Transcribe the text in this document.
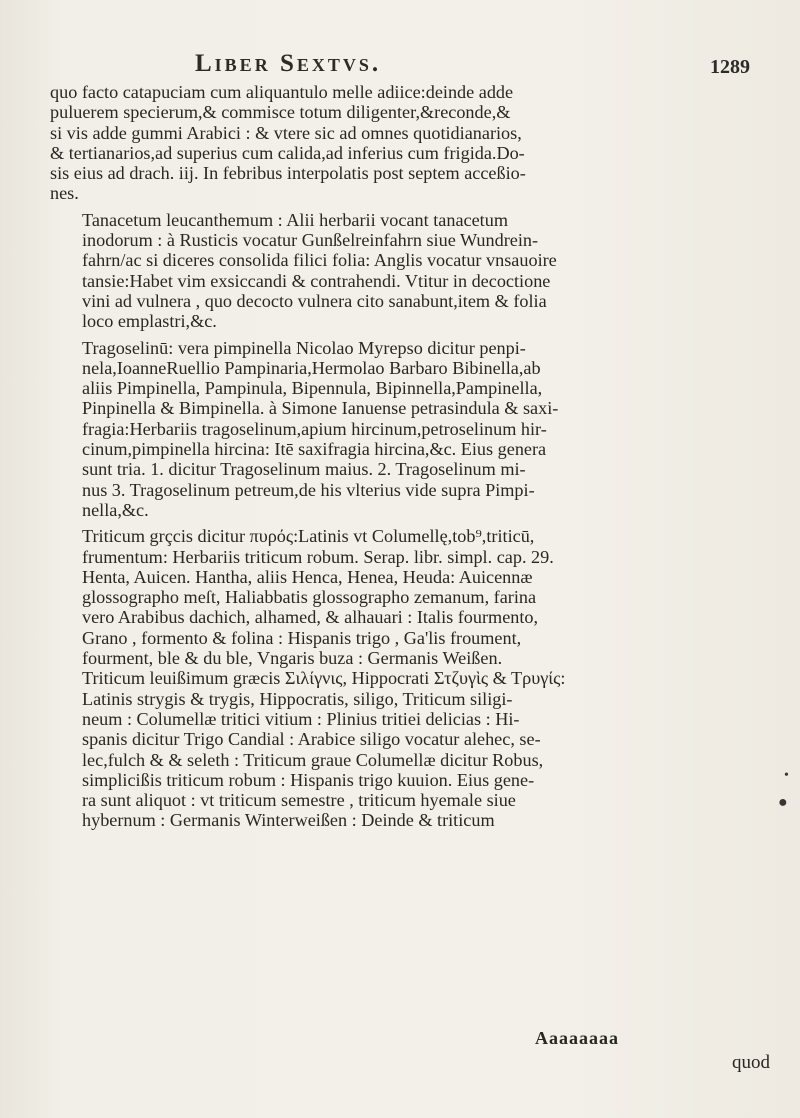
Liber Sextvs.	1289
quo facto catapuciam cum aliquantulo melle adiice:deinde adde
puluerem specierum,& commisce totum diligenter,&reconde,&
si vis adde gummi Arabici : & vtere sic ad omnes quotidianarios,
& tertianarios,ad superius cum calida,ad inferius cum frigida.Do-
sis eius ad drach. iij. In febribus interpolatis post septem acceßio-
nes.
Tanacetum leucanthemum : Alii herbarii vocant tanacetum
inodorum : à Rusticis vocatur Gunßelreinfahrn siue Wundrein-
fahrn/ac si diceres consolida filici folia: Anglis vocatur vnsauoire
tansie:Habet vim exsiccandi & contrahendi. Vtitur in decoctione
vini ad vulnera , quo decocto vulnera cito sanabunt,item & folia
loco emplastri,&c.
Tragoselinū: vera pimpinella Nicolao Myrepso dicitur penpi-
nela,IoanneRuellio Pampinaria,Hermolao Barbaro Bibinella,ab
aliis Pimpinella, Pampinula, Bipennula, Bipinnella,Pampinella,
Pinpinella & Bimpinella. à Simone Ianuense petrasindula & saxi-
fragia:Herbariis tragoselinum,apium hircinum,petroselinum hir-
cinum,pimpinella hircina: Itē saxifragia hircina,&c. Eius genera
sunt tria. 1. dicitur Tragoselinum maius. 2. Tragoselinum mi-
nus 3. Tragoselinum petreum,de his vlterius vide supra Pimpi-
nella,&c.
Triticum grçcis dicitur πυρός:Latinis vt Columellę,tob⁹,triticū,
frumentum: Herbariis triticum robum. Serap. libr. simpl. cap. 29.
Henta, Auicen. Hantha, aliis Henca, Henea, Heuda: Auicennæ
glossographo meſt, Haliabbatis glossographo zemanum, farina
vero Arabibus dachich, alhamed, & alhauari : Italis fourmento,
Grano , formento & folina : Hispanis trigo , Ga'lis froument,
fourment, ble & du ble, Vngaris buza : Germanis Weißen.
Triticum leuißimum græcis Σιλίγνις, Hippocrati Στζυγὶς & Τρυγίς:
Latinis strygis & trygis, Hippocratis, siligo, Triticum siligi-
neum : Columellæ tritici vitium : Plinius tritiei delicias : Hi-
spanis dicitur Trigo Candial : Arabice siligo vocatur alehec, se-
lec,fulch & & seleth : Triticum graue Columellæ dicitur Robus,
simplicißis triticum robum : Hispanis trigo kuuion. Eius gene-
ra sunt aliquot : vt triticum semestre , triticum hyemale siue
hybernum : Germanis Winterweißen : Deinde & triticum
Aaaaaaaa
quod
•
●
